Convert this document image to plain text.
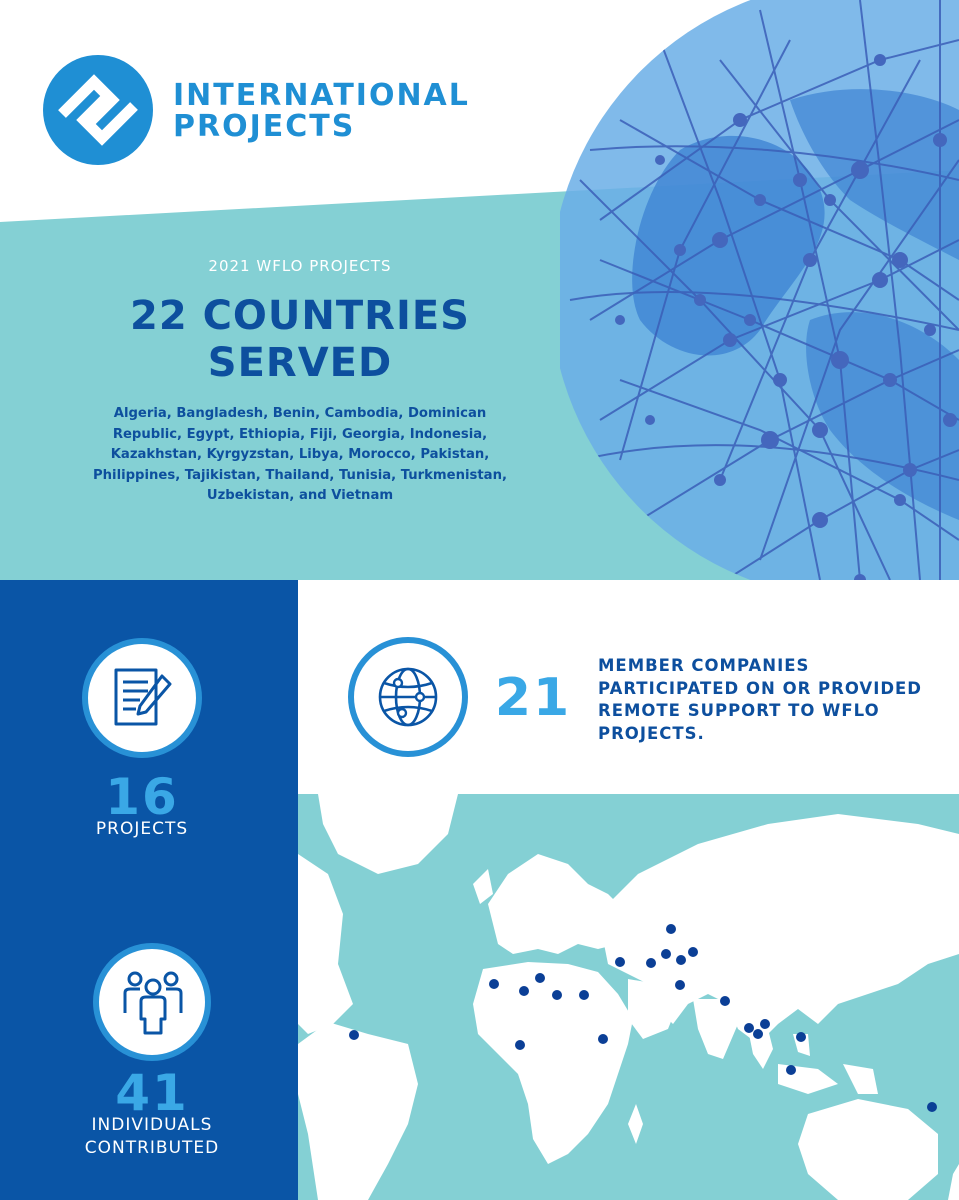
INTERNATIONAL
PROJECTS
2021 WFLO PROJECTS
22 COUNTRIES
SERVED
Algeria, Bangladesh, Benin, Cambodia, Dominican Republic, Egypt, Ethiopia, Fiji, Georgia, Indonesia, Kazakhstan, Kyrgyzstan, Libya, Morocco, Pakistan, Philippines, Tajikistan, Thailand, Tunisia, Turkmenistan, Uzbekistan, and Vietnam
16
PROJECTS
41
INDIVIDUALS
CONTRIBUTED
21
MEMBER COMPANIES PARTICIPATED ON OR PROVIDED REMOTE SUPPORT TO WFLO PROJECTS.
